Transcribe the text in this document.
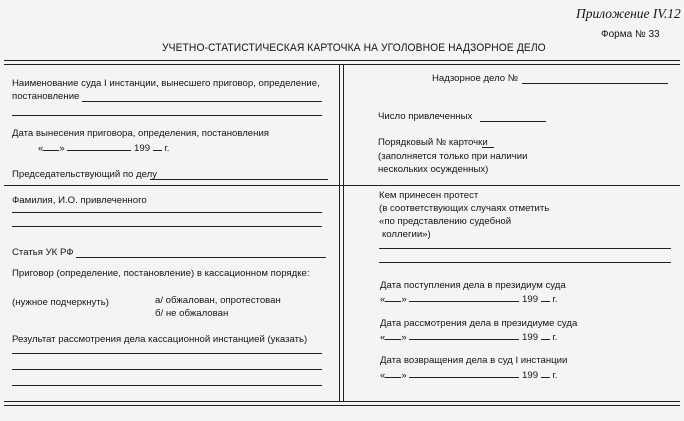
Приложение IV.12
Форма № 33
УЧЕТНО-СТАТИСТИЧЕСКАЯ КАРТОЧКА НА УГОЛОВНОЕ НАДЗОРНОЕ ДЕЛО
Наименование суда I инстанции, вынесшего приговор, определение,
постановление
Дата вынесения приговора, определения, постановления
« »	199 г.
Председательствующий по делу
Фамилия, И.О. привлеченного
Статья УК РФ
Приговор (определение, постановление) в кассационном порядке:
(нужное подчеркнуть)	а/ обжалован, опротестован
б/ не обжалован
Результат рассмотрения дела кассационной инстанцией (указать)
Надзорное дело №
Число привлеченных
Порядковый № карточки
(заполняется только при наличии
нескольких осужденных)
Кем принесен протест
(в соответствующих случаях отметить
«по представлению судебной
коллегии»)
Дата поступления дела в президиум суда
« »	199 г.
Дата рассмотрения дела в президиуме суда
« »	199 г.
Дата возвращения дела в суд I инстанции
« »	199 г.
